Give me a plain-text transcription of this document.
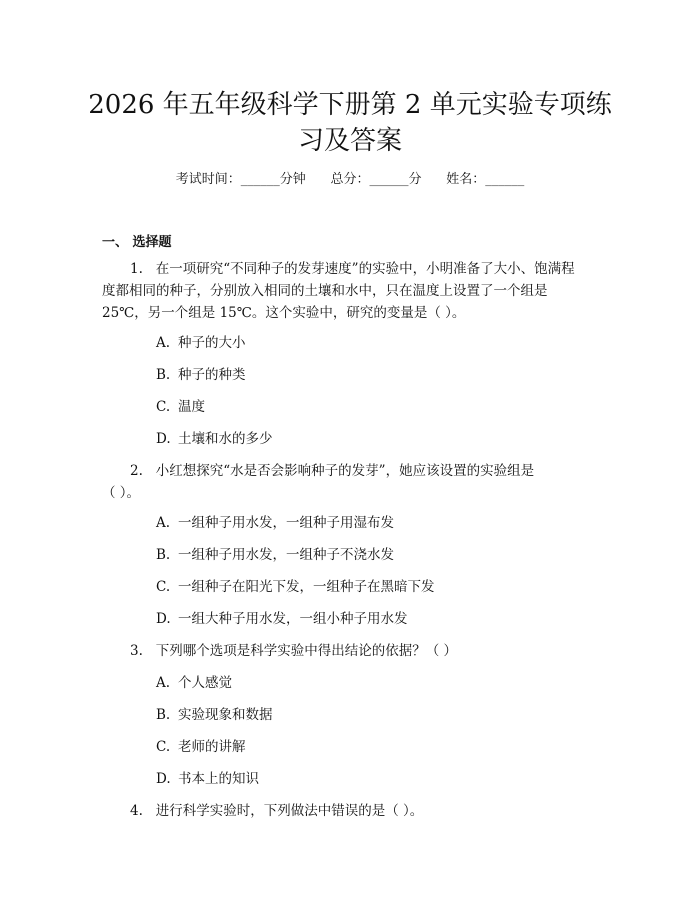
2026 年五年级科学下册第 2 单元实验专项练
习及答案
考试时间：______分钟      总分：______分      姓名：______
一、 选择题
1. 在一项研究“不同种子的发芽速度”的实验中，小明准备了大小、饱满程
度都相同的种子，分别放入相同的土壤和水中，只在温度上设置了一个组是
25℃，另一个组是 15℃。这个实验中，研究的变量是（ ）。
A. 种子的大小
B. 种子的种类
C. 温度
D. 土壤和水的多少
2. 小红想探究“水是否会影响种子的发芽”，她应该设置的实验组是
（ ）。
A. 一组种子用水发，一组种子用湿布发
B. 一组种子用水发，一组种子不浇水发
C. 一组种子在阳光下发，一组种子在黑暗下发
D. 一组大种子用水发，一组小种子用水发
3. 下列哪个选项是科学实验中得出结论的依据？（ ）
A. 个人感觉
B. 实验现象和数据
C. 老师的讲解
D. 书本上的知识
4. 进行科学实验时，下列做法中错误的是（ ）。
